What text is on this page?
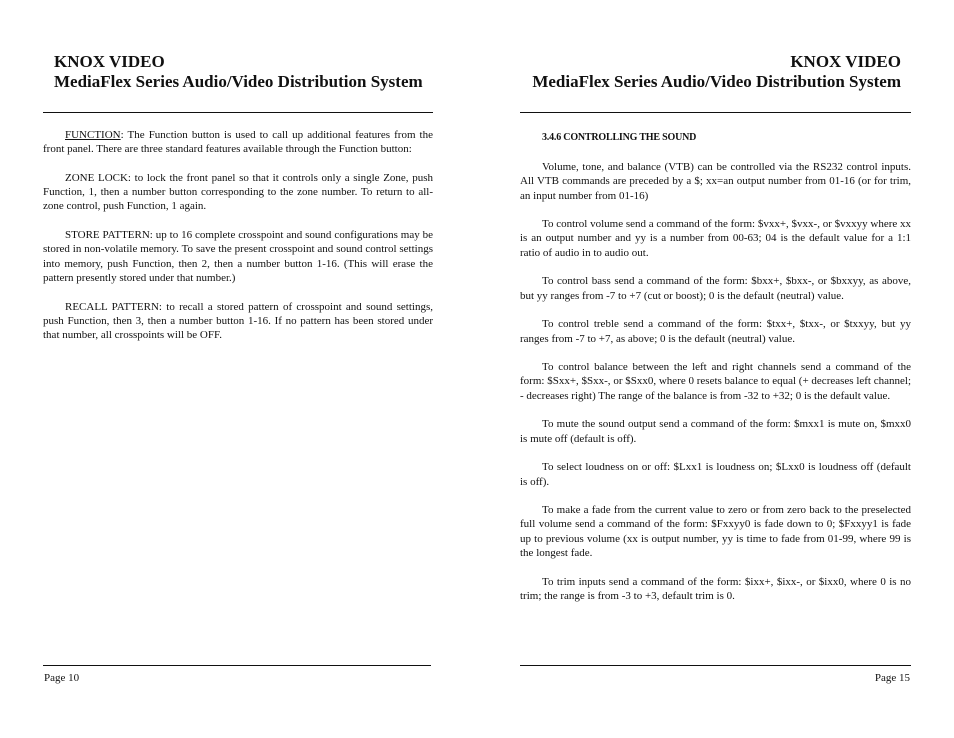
KNOX VIDEO
MediaFlex Series Audio/Video Distribution System

FUNCTION: The Function button is used to call up additional features from the front panel. There are three standard features available through the Function button:

ZONE LOCK: to lock the front panel so that it controls only a single Zone, push Function, 1, then a number button corresponding to the zone number. To return to all-zone control, push Function, 1 again.

STORE PATTERN: up to 16 complete crosspoint and sound configurations may be stored in non-volatile memory. To save the present crosspoint and sound control settings into memory, push Function, then 2, then a number button 1-16. (This will erase the pattern presently stored under that number.)

RECALL PATTERN: to recall a stored pattern of crosspoint and sound settings, push Function, then 3, then a number button 1-16. If no pattern has been stored under that number, all crosspoints will be OFF.

Page 10
KNOX VIDEO
MediaFlex Series Audio/Video Distribution System
3.4.6 CONTROLLING THE SOUND

Volume, tone, and balance (VTB) can be controlled via the RS232 control inputs. All VTB commands are preceded by a $; xx=an output number from 01-16 (or for trim, an input number from 01-16)

To control volume send a command of the form: $vxx+, $vxx-, or $vxxyy where xx is an output number and yy is a number from 00-63; 04 is the default value for a 1:1 ratio of audio in to audio out.

To control bass send a command of the form: $bxx+, $bxx-, or $bxxyy, as above, but yy ranges from -7 to +7 (cut or boost); 0 is the default (neutral) value.

To control treble send a command of the form: $txx+, $txx-, or $txxyy, but yy ranges from -7 to +7, as above; 0 is the default (neutral) value.

To control balance between the left and right channels send a command of the form: $Sxx+, $Sxx-, or $Sxx0, where 0 resets balance to equal (+ decreases left channel; - decreases right) The range of the balance is from -32 to +32; 0 is the default value.

To mute the sound output send a command of the form: $mxx1 is mute on, $mxx0 is mute off (default is off).

To select loudness on or off: $Lxx1 is loudness on; $Lxx0 is loudness off (default is off).

To make a fade from the current value to zero or from zero back to the preselected full volume send a command of the form: $Fxxyy0 is fade down to 0; $Fxxyy1 is fade up to previous volume (xx is output number, yy is time to fade from 01-99, where 99 is the longest fade.

To trim inputs send a command of the form: $ixx+, $ixx-, or $ixx0, where 0 is no trim; the range is from -3 to +3, default trim is 0.

Page 15
